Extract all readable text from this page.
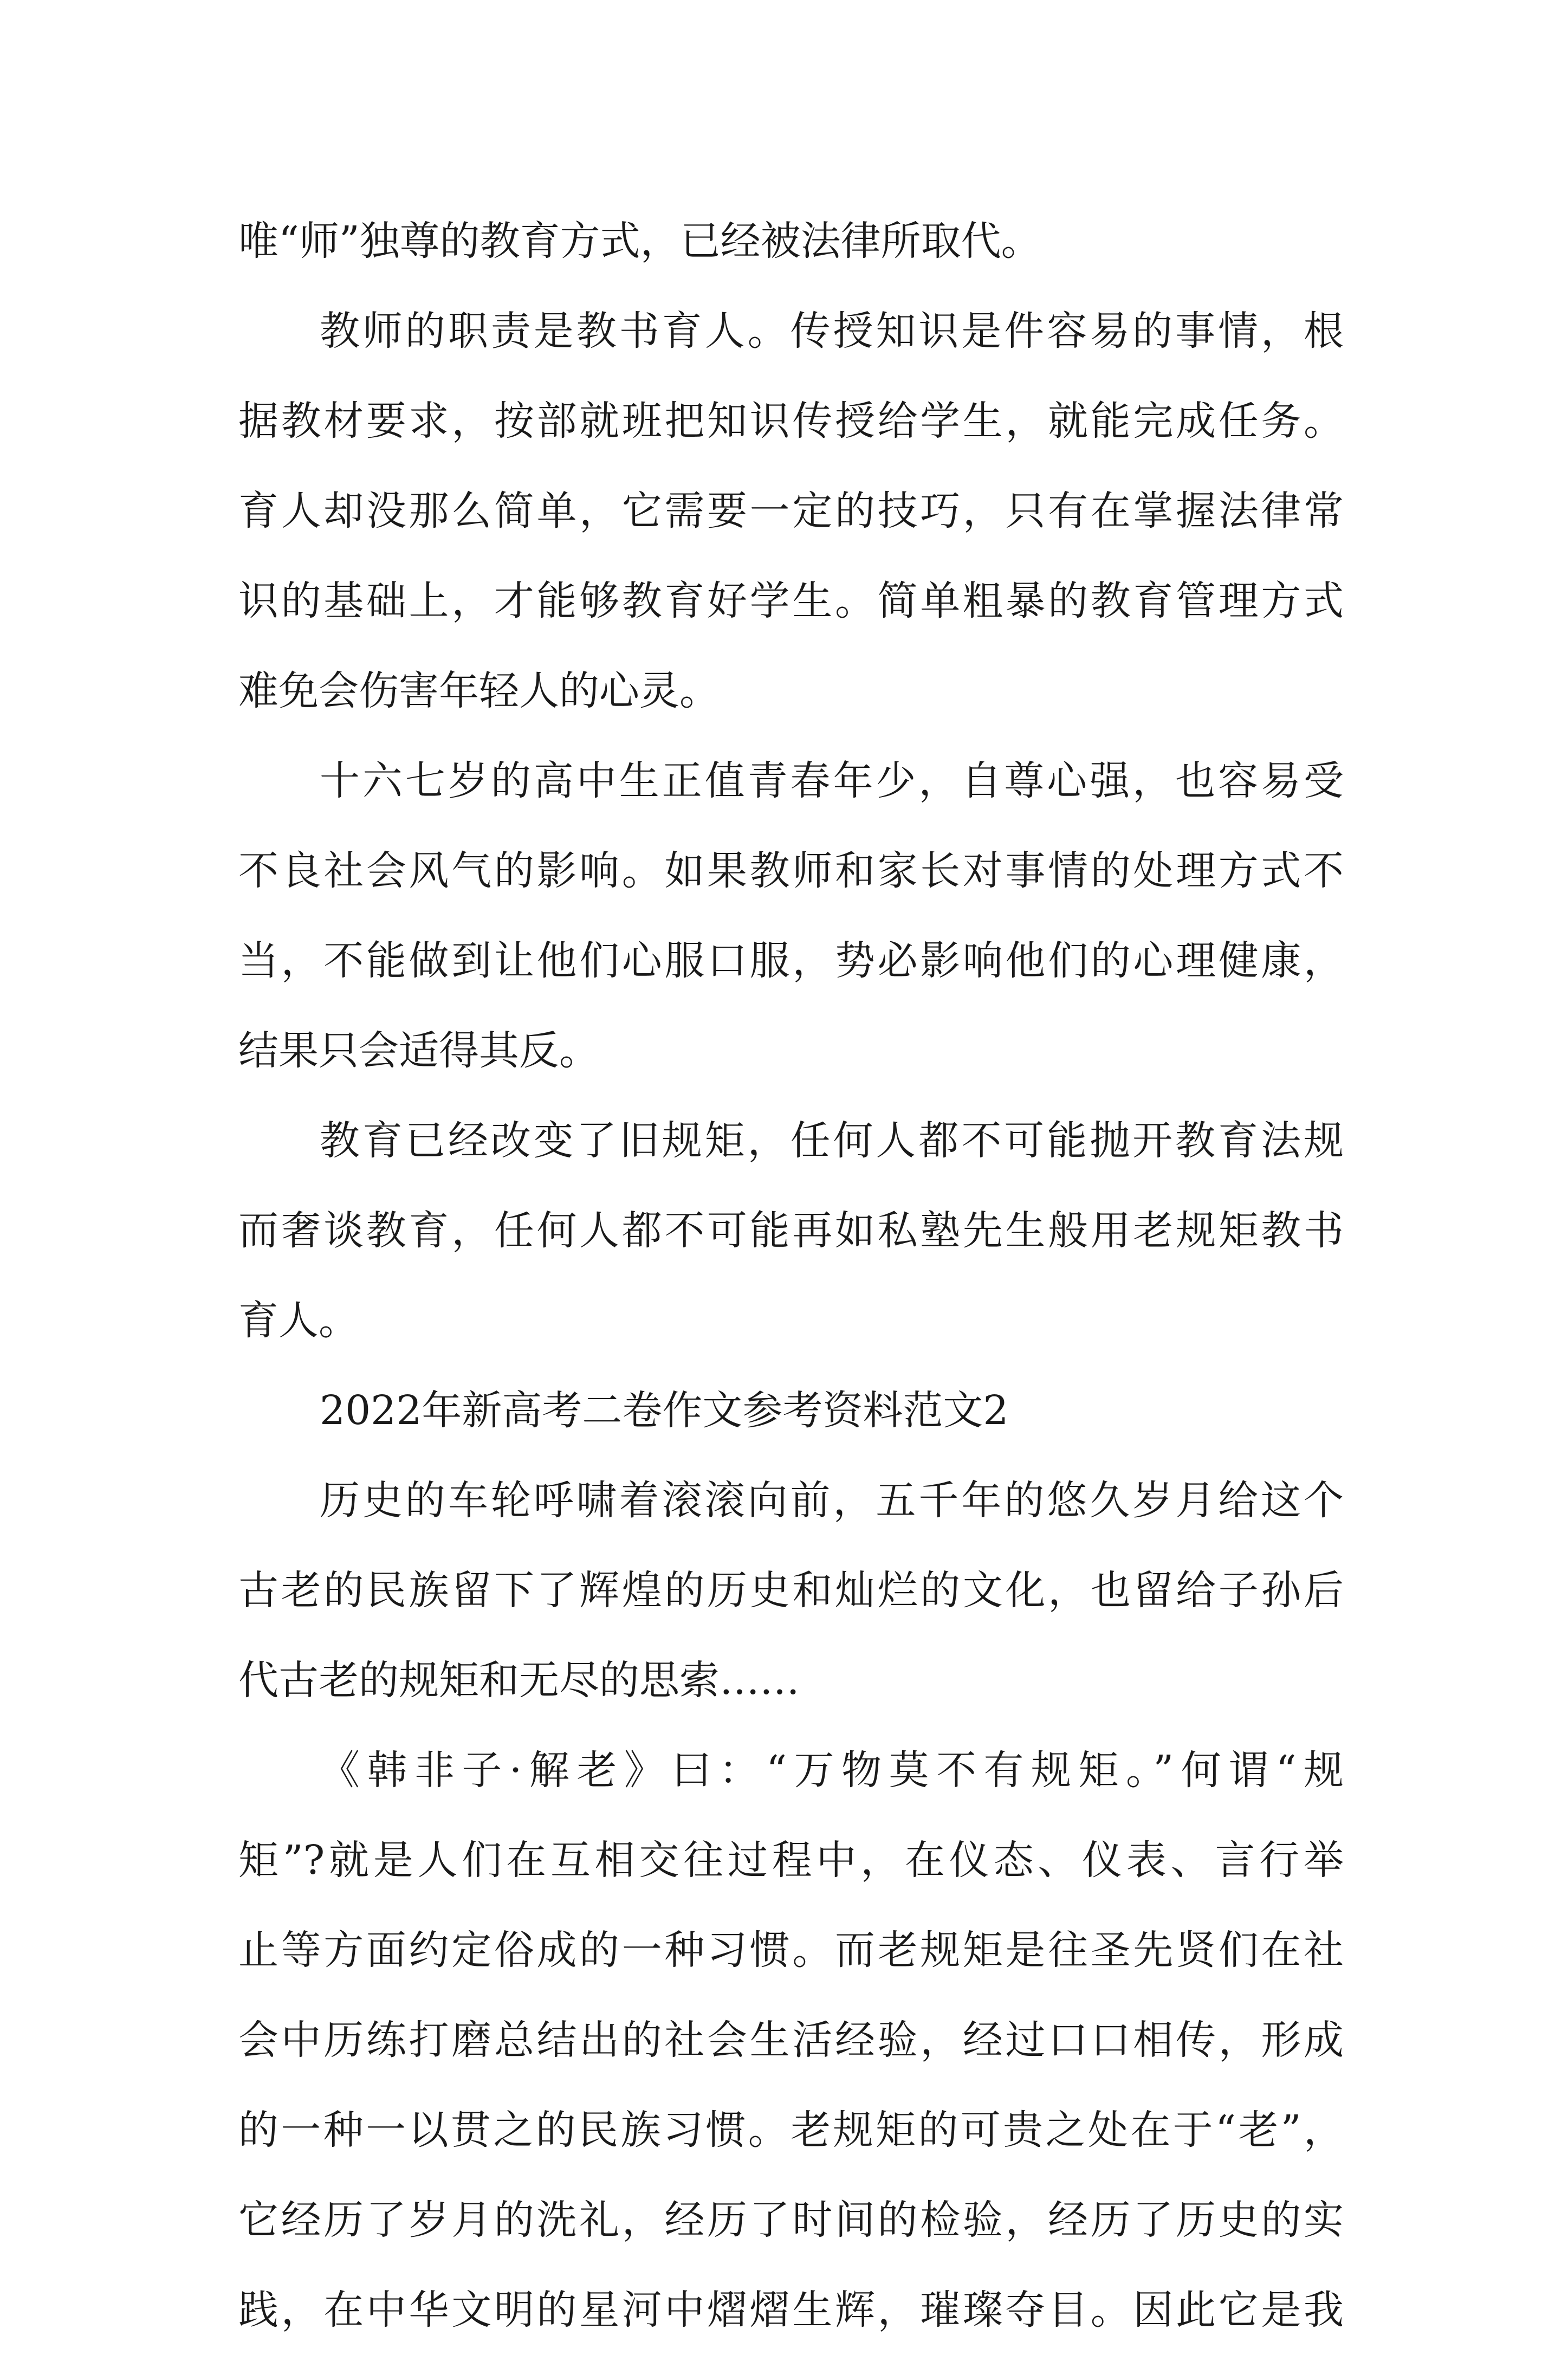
唯“师”独尊的教育方式，已经被法律所取代。
教师的职责是教书育人。传授知识是件容易的事情，根
据教材要求，按部就班把知识传授给学生，就能完成任务。
育人却没那么简单，它需要一定的技巧，只有在掌握法律常
识的基础上，才能够教育好学生。简单粗暴的教育管理方式
难免会伤害年轻人的心灵。
十六七岁的高中生正值青春年少，自尊心强，也容易受
不良社会风气的影响。如果教师和家长对事情的处理方式不
当，不能做到让他们心服口服，势必影响他们的心理健康，
结果只会适得其反。
教育已经改变了旧规矩，任何人都不可能抛开教育法规
而奢谈教育，任何人都不可能再如私塾先生般用老规矩教书
育人。
2022年新高考二卷作文参考资料范文2
历史的车轮呼啸着滚滚向前，五千年的悠久岁月给这个
古老的民族留下了辉煌的历史和灿烂的文化，也留给子孙后
代古老的规矩和无尽的思索……
《韩非子·解老》曰：“万物莫不有规矩。”何谓“规
矩”?就是人们在互相交往过程中，在仪态、仪表、言行举
止等方面约定俗成的一种习惯。而老规矩是往圣先贤们在社
会中历练打磨总结出的社会生活经验，经过口口相传，形成
的一种一以贯之的民族习惯。老规矩的可贵之处在于“老”，
它经历了岁月的洗礼，经历了时间的检验，经历了历史的实
践，在中华文明的星河中熠熠生辉，璀璨夺目。因此它是我
